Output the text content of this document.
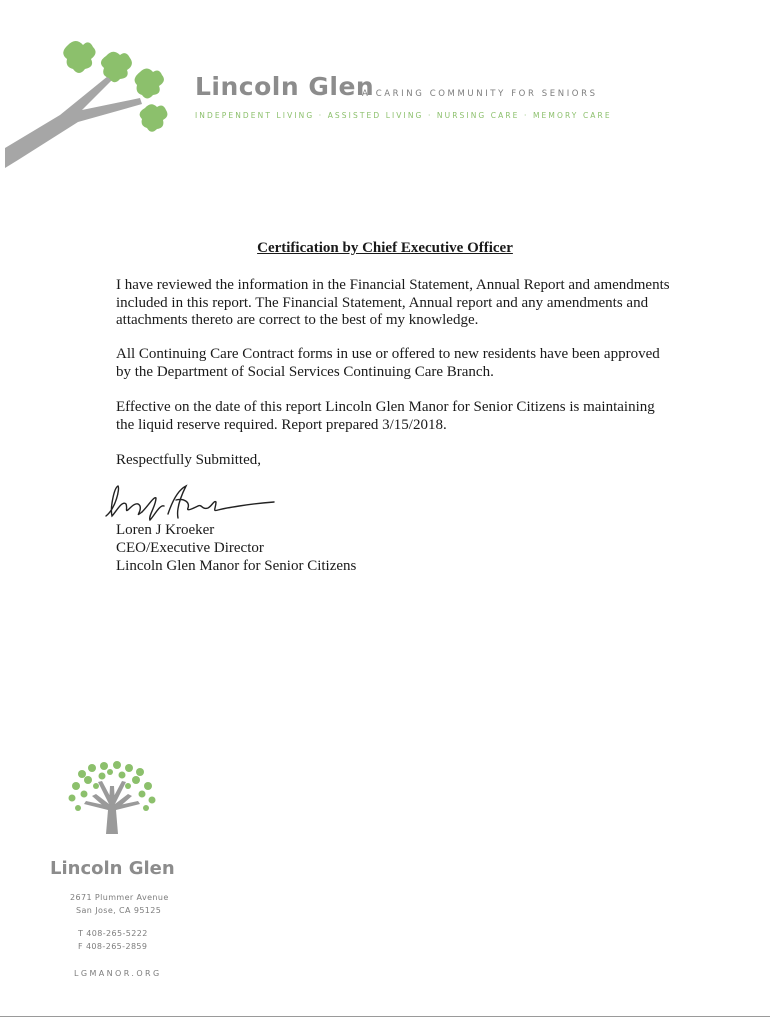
Lincoln Glen
A CARING COMMUNITY FOR SENIORS
INDEPENDENT LIVING · ASSISTED LIVING · NURSING CARE · MEMORY CARE
Certification by Chief Executive Officer

I have reviewed the information in the Financial Statement, Annual Report and amendments included in this report. The Financial Statement, Annual report and any amendments and attachments thereto are correct to the best of my knowledge.

All Continuing Care Contract forms in use or offered to new residents have been approved by the Department of Social Services Continuing Care Branch.

Effective on the date of this report Lincoln Glen Manor for Senior Citizens is maintaining the liquid reserve required. Report prepared 3/15/2018.

Respectfully Submitted,
Loren J Kroeker
CEO/Executive Director
Lincoln Glen Manor for Senior Citizens
Lincoln Glen
2671 Plummer Avenue
San Jose, CA 95125
T 408-265-5222
F 408-265-2859
LGMANOR.ORG
